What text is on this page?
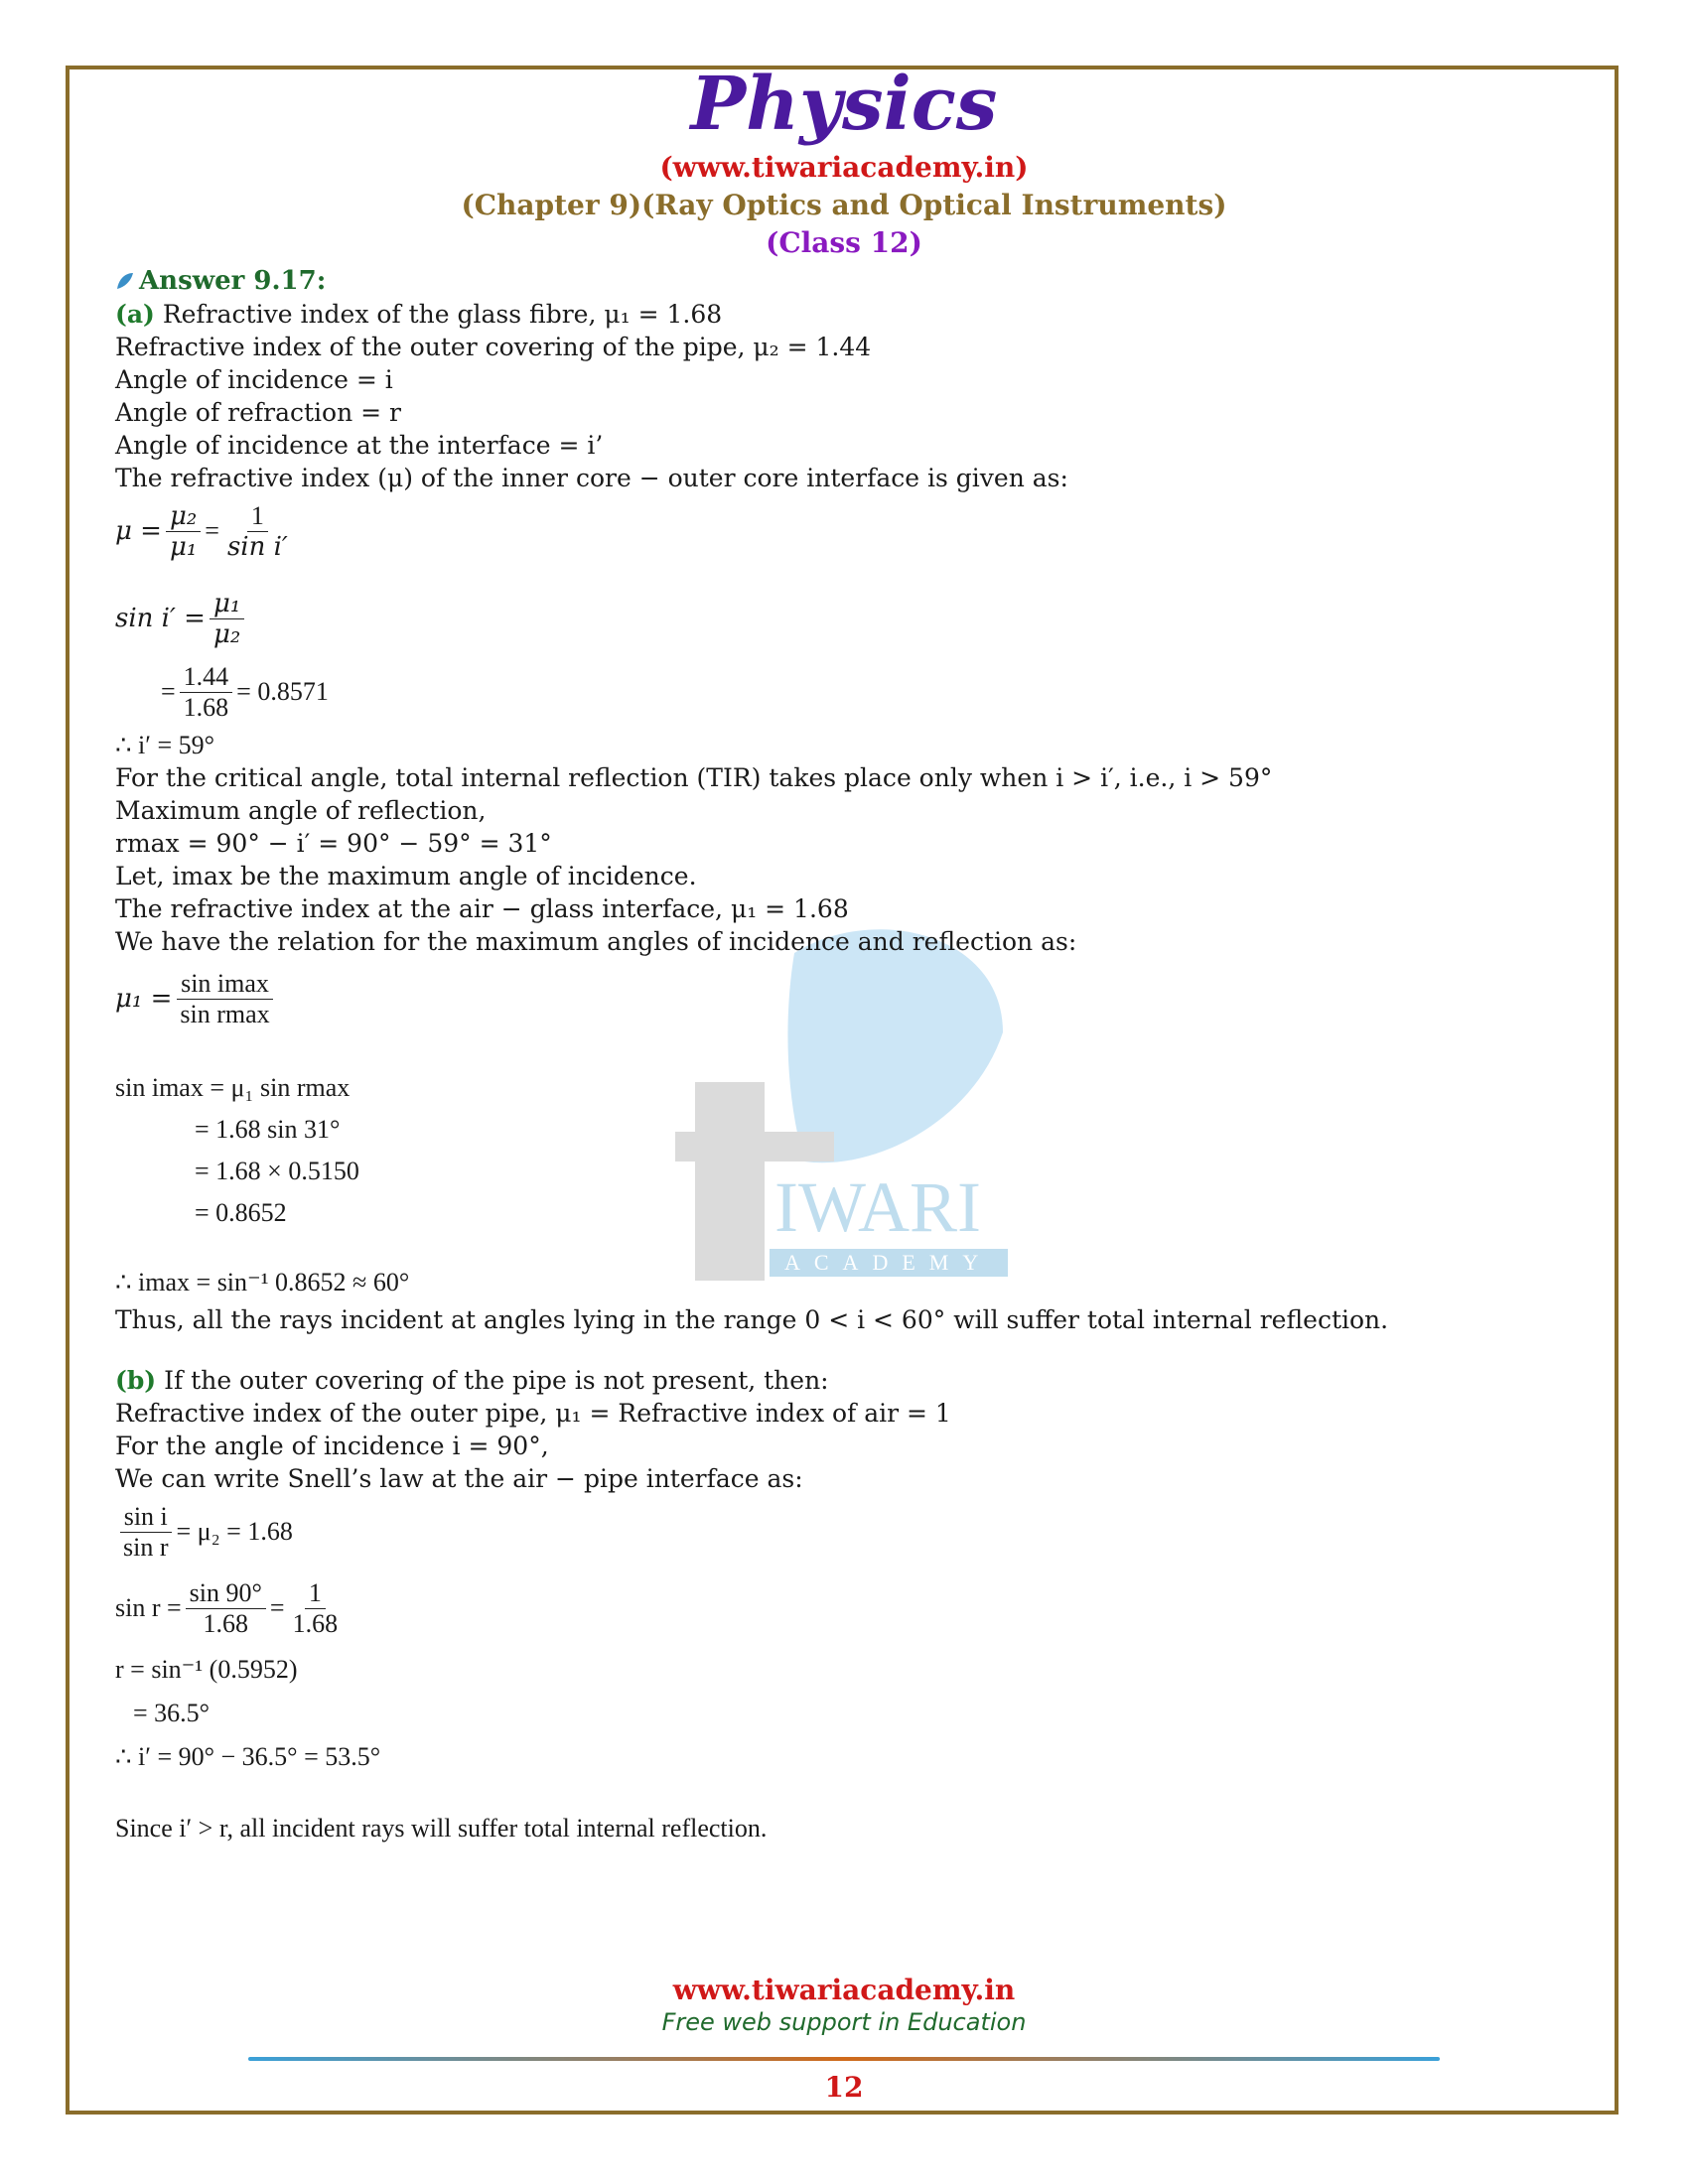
Physics
(www.tiwariacademy.in)
(Chapter 9)(Ray Optics and Optical Instruments)
(Class 12)
IWARI
ACADEMY
Answer 9.17:
(a) Refractive index of the glass fibre, μ₁ = 1.68
Refractive index of the outer covering of the pipe, μ₂ = 1.44
Angle of incidence = i
Angle of refraction = r
Angle of incidence at the interface = i’
The refractive index (μ) of the inner core − outer core interface is given as:
$\mu = \frac{\text{μ₂}}{\text{μ₁}} = \frac{1}{\text{sin i′}}$
$\sin i' = \frac{\text{μ₁}}{\text{μ₂}}$
= $\frac{1.44}{1.68} = 0.8571$
∴ i′ = 59°
For the critical angle, total internal reflection (TIR) takes place only when i > i′, i.e., i > 59°
Maximum angle of reflection,
rmax = 90° − i′ = 90° − 59° = 31°
Let, imax be the maximum angle of incidence.
The refractive index at the air − glass interface, μ₁ = 1.68
We have the relation for the maximum angles of incidence and reflection as:
$\mu_1 = \frac{\text{sin imax}}{\text{sin rmax}}$
sin imax = μ₁ sin rmax
= 1.68 sin 31°
= 1.68 × 0.5150
= 0.8652
∴ imax = sin⁻¹ 0.8652 ≈ 60°
Thus, all the rays incident at angles lying in the range 0 < i < 60° will suffer total internal reflection.
(b) If the outer covering of the pipe is not present, then:
Refractive index of the outer pipe, μ₁ = Refractive index of air = 1
For the angle of incidence i = 90°,
We can write Snell’s law at the air − pipe interface as:
$\frac{\text{sin i}}{\text{sin r}} = \mu_2 = 1.68$
$\sin r = \frac{\sin 90^\circ}{1.68} = \frac{1}{1.68}$
r = sin⁻¹ (0.5952)
= 36.5°
∴ i′ = 90° − 36.5° = 53.5°
Since i′ > r, all incident rays will suffer total internal reflection.
www.tiwariacademy.in
Free web support in Education
12
